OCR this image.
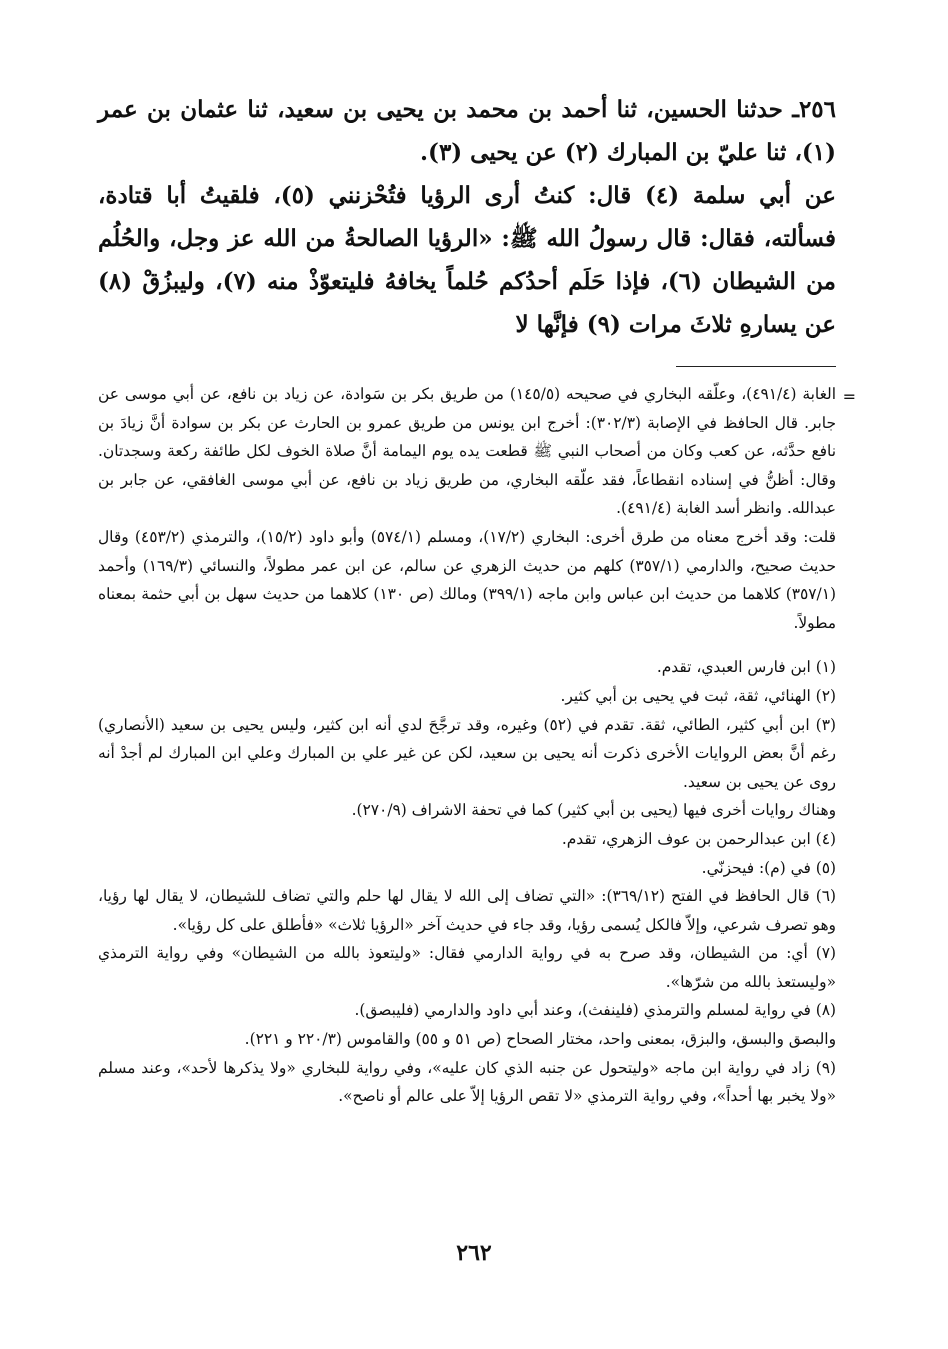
٢٥٦ـ حدثنا الحسين، ثنا أحمد بن محمد بن يحيى بن سعيد، ثنا عثمان بن عمر (١)، ثنا عليّ بن المبارك (٢) عن يحيى (٣).

عن أبي سلمة (٤) قال: كنتُ أرى الرؤيا فتُحْزنني (٥)، فلقيتُ أبا قتادة، فسألته، فقال: قال رسولُ الله ﷺ: «الرؤيا الصالحةُ من الله عز وجل، والحُلُم من الشيطان (٦)، فإذا حَلَم أحدُكم حُلماً يخافهُ فليتعوّذْ منه (٧)، وليبزُقْ (٨) عن يسارهِ ثلاثَ مرات (٩) فإنَّها لا

=

الغابة (٤٩١/٤)، وعلّقه البخاري في صحيحه (١٤٥/٥) من طريق بكر بن سَوادة، عن زياد بن نافع، عن أبي موسى عن جابر. قال الحافظ في الإصابة (٣٠٢/٣): أخرج ابن يونس من طريق عمرو بن الحارث عن بكر بن سوادة أنَّ زيادَ بن نافع حدَّثه، عن كعب وكان من أصحاب النبي ﷺ قطعت يده يوم اليمامة أنَّ صلاة الخوف لكل طائفة ركعة وسجدتان. وقال: أظنُّ في إسناده انقطاعاً، فقد علّقه البخاري، من طريق زياد بن نافع، عن أبي موسى الغافقي، عن جابر بن عبدالله. وانظر أسد الغابة (٤٩١/٤).

قلت: وقد أخرج معناه من طرق أخرى: البخاري (١٧/٢)، ومسلم (٥٧٤/١) وأبو داود (١٥/٢)، والترمذي (٤٥٣/٢) وقال حديث صحيح، والدارمي (٣٥٧/١) كلهم من حديث الزهري عن سالم، عن ابن عمر مطولاً، والنسائي (١٦٩/٣) وأحمد (٣٥٧/١) كلاهما من حديث ابن عباس وابن ماجه (٣٩٩/١) ومالك (ص ١٣٠) كلاهما من حديث سهل بن أبي حثمة بمعناه مطولاً.

(١) ابن فارس العبدي، تقدم.

(٢) الهنائي، ثقة، ثبت في يحيى بن أبي كثير.

(٣) ابن أبي كثير، الطائي، ثقة. تقدم في (٥٢) وغيره، وقد ترجَّحَ لدي أنه ابن كثير، وليس يحيى بن سعيد (الأنصاري) رغم أنَّ بعض الروايات الأخرى ذكرت أنه يحيى بن سعيد، لكن عن غير علي بن المبارك وعلي ابن المبارك لم أجدْ أنه روى عن يحيى بن سعيد.

وهناك روايات أخرى فيها (يحيى بن أبي كثير) كما في تحفة الاشراف (٢٧٠/٩).

(٤) ابن عبدالرحمن بن عوف الزهري، تقدم.

(٥) في (م): فيحزنّي.

(٦) قال الحافظ في الفتح (٣٦٩/١٢): «التي تضاف إلى الله لا يقال لها حلم والتي تضاف للشيطان، لا يقال لها رؤيا، وهو تصرف شرعي، وإلاّ فالكل يُسمى رؤيا، وقد جاء في حديث آخر «الرؤيا ثلاث» «فأطلق على كل رؤيا».

(٧) أي: من الشيطان، وقد صرح به في رواية الدارمي فقال: «وليتعوذ بالله من الشيطان» وفي رواية الترمذي «وليستعذ بالله من شرّها».

(٨) في رواية لمسلم والترمذي (فلينفث)، وعند أبي داود والدارمي (فليبصق).

والبصق والبسق، والبزق، بمعنى واحد، مختار الصحاح (ص ٥١ و ٥٥) والقاموس (٢٢٠/٣ و ٢٢١).

(٩) زاد في رواية ابن ماجه «وليتحول عن جنبه الذي كان عليه»، وفي رواية للبخاري «ولا يذكرها لأحد»، وعند مسلم «ولا يخبر بها أحداً»، وفي رواية الترمذي «لا تقص الرؤيا إلاّ على عالم أو ناصح».

٢٦٢
